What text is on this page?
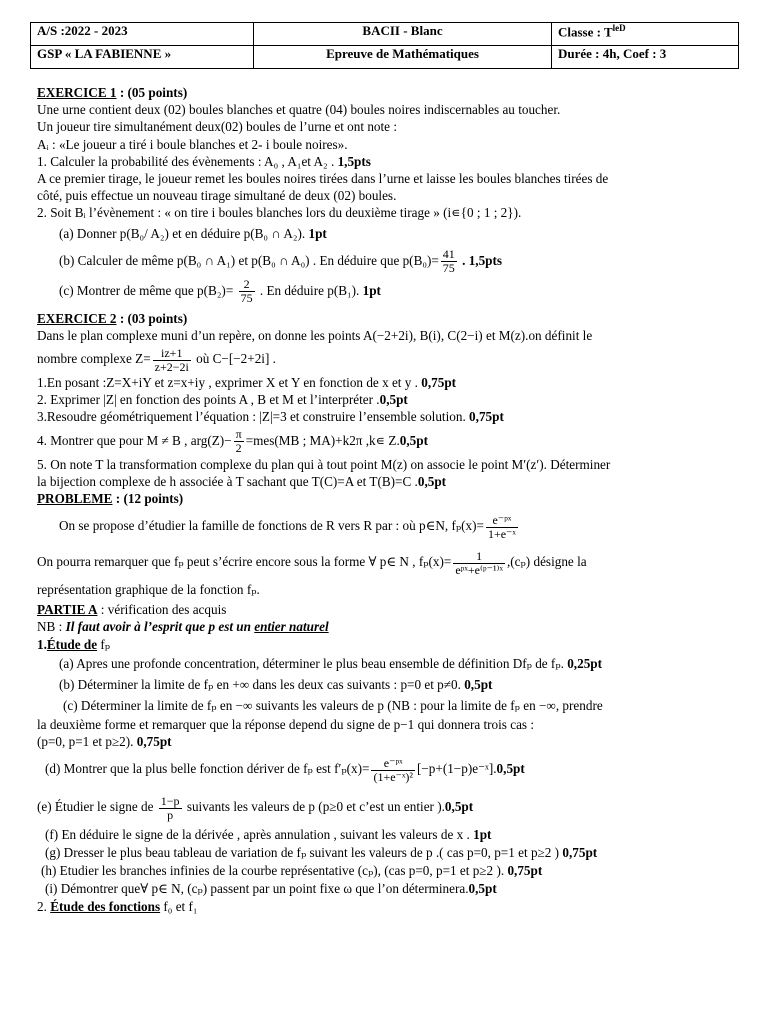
A/S :2022 - 2023	BACII - Blanc	Classe : $T^{leD}$
GSP « LA FABIENNE »	Epreuve de Mathématiques	Durée : 4h, Coef : 3
EXERCICE 1 : (05 points)
Une urne contient deux (02) boules blanches et quatre (04) boules noires indiscernables au toucher.
Un joueur tire simultanément deux(02) boules de l’urne et ont note :
Aᵢ : «Le joueur a tiré i boule blanches et 2- i boule noires».
1. Calculer la probabilité des évènements : A₀ , A₁et A₂ . 1,5pts
A ce premier tirage, le joueur remet les boules noires tirées dans l’urne et laisse les boules blanches tirées de
côté, puis effectue un nouveau tirage simultané de deux (02) boules.
2. Soit Bᵢ l’évènement : « on tire i boules blanches lors du deuxième tirage » (i∊{0 ; 1 ; 2}).
(a) Donner p(B₀/ A₂) et en déduire p(B₀ ∩ A₂). 1pt
(b) Calculer de même p(B₀ ∩ A₁) et p(B₀ ∩ A₀) . En déduire que $p(B_0)= \frac{41}{75}$ . 1,5pts
(c) Montrer de même que $p(B_2)= \frac{2}{75}$ . En déduire p(B₁). 1pt
EXERCICE 2 : (03 points)
Dans le plan complexe muni d’un repère, on donne les points A(−2+2i), B(i), C(2−i) et M(z).on définit le
nombre complexe $Z= \frac{iz+1}{z+2-2i}$ où C−[−2+2i] .
1.En posant :Z=X+iY et z=x+iy , exprimer X et Y en fonction de x et y . 0,75pt
2. Exprimer |Z| en fonction des points A , B et M et l’interpréter .0,5pt
3.Resoudre géométriquement l’équation : |Z|=3 et construire l’ensemble solution. 0,75pt
4. Montrer que pour M ≠ B , $arg(Z)- \frac{\pi}{2} =mes(MB$ ; MA)+k2π ,k∊ Z.0,5pt
5. On note T la transformation complexe du plan qui à tout point M(z) on associe le point M′(z′). Déterminer
la bijection complexe de h associée à T sachant que T(C)=A et T(B)=C .0,5pt
PROBLEME : (12 points)
On se propose d’étudier la famille de fonctions de R vers R par : où p∈N, $f_p(x)= \frac{\text{e⁻ᵖˣ}}{\text{1+e⁻ˣ}}$
On pourra remarquer que fₚ peut s’écrire encore sous la forme ∀ p∈ N , $f_p(x)= \frac{1}{\text{eᵖˣ+e⁽ᵖ⁻¹⁾ˣ}} ,(c_p)$ désigne la
représentation graphique de la fonction fₚ.
PARTIE A : vérification des acquis
NB : Il faut avoir à l’esprit que p est un entier naturel
1.Étude de fₚ
(a) Apres une profonde concentration, déterminer le plus beau ensemble de définition Dfₚ de fₚ. 0,25pt
(b) Déterminer la limite de fₚ en +∞ dans les deux cas suivants : p=0 et p≠0. 0,5pt
(c) Déterminer la limite de fₚ en −∞ suivants les valeurs de p (NB : pour la limite de fₚ en −∞, prendre
la deuxième forme et remarquer que la réponse depend du signe de p−1 qui donnera trois cas :
(p=0, p=1 et p≥2). 0,75pt
(d) Montrer que la plus belle fonction dériver de fₚ est $f'_p(x)= \frac{\text{e⁻ᵖˣ}}{\text{(1+e⁻ˣ)²}}$ [−p+(1−p)e⁻ˣ].0,5pt
(e) Étudier le signe de $\frac{1-p}{p}$ suivants les valeurs de p (p≥0 et c’est un entier ).0,5pt
(f) En déduire le signe de la dérivée , après annulation , suivant les valeurs de x . 1pt
(g) Dresser le plus beau tableau de variation de fₚ suivant les valeurs de p .( cas p=0, p=1 et p≥2 ) 0,75pt
(h) Etudier les branches infinies de la courbe représentative (cₚ), (cas p=0, p=1 et p≥2 ). 0,75pt
(i) Démontrer que∀ p∈ N, (cₚ) passent par un point fixe ω que l’on déterminera.0,5pt
2. Étude des fonctions f₀ et f₁
